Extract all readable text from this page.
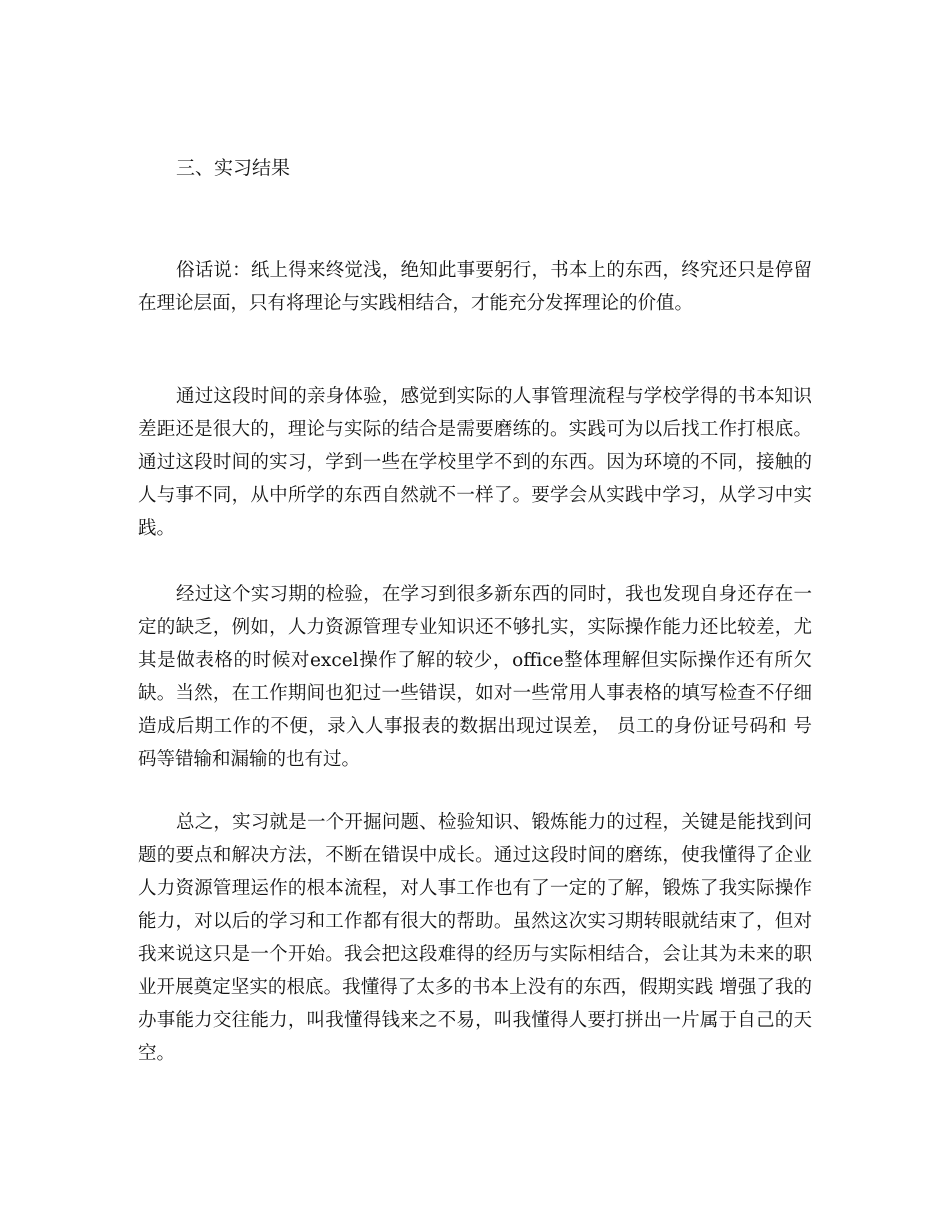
三、实习结果

俗话说：纸上得来终觉浅，绝知此事要躬行，书本上的东西，终究还只是停留在理论层面，只有将理论与实践相结合，才能充分发挥理论的价值。

通过这段时间的亲身体验，感觉到实际的人事管理流程与学校学得的书本知识差距还是很大的，理论与实际的结合是需要磨练的。实践可为以后找工作打根底。通过这段时间的实习，学到一些在学校里学不到的东西。因为环境的不同，接触的人与事不同，从中所学的东西自然就不一样了。要学会从实践中学习，从学习中实践。

经过这个实习期的检验，在学习到很多新东西的同时，我也发现自身还存在一定的缺乏，例如，人力资源管理专业知识还不够扎实，实际操作能力还比较差，尤其是做表格的时候对excel操作了解的较少，office整体理解但实际操作还有所欠缺。当然，在工作期间也犯过一些错误，如对一些常用人事表格的填写检查不仔细造成后期工作的不便，录入人事报表的数据出现过误差， 员工的身份证号码和 号码等错输和漏输的也有过。

总之，实习就是一个开掘问题、检验知识、锻炼能力的过程，关键是能找到问题的要点和解决方法，不断在错误中成长。通过这段时间的磨练，使我懂得了企业人力资源管理运作的根本流程，对人事工作也有了一定的了解，锻炼了我实际操作能力，对以后的学习和工作都有很大的帮助。虽然这次实习期转眼就结束了，但对我来说这只是一个开始。我会把这段难得的经历与实际相结合，会让其为未来的职业开展奠定坚实的根底。我懂得了太多的书本上没有的东西，假期实践 增强了我的办事能力交往能力，叫我懂得钱来之不易，叫我懂得人要打拼出一片属于自己的天空。
